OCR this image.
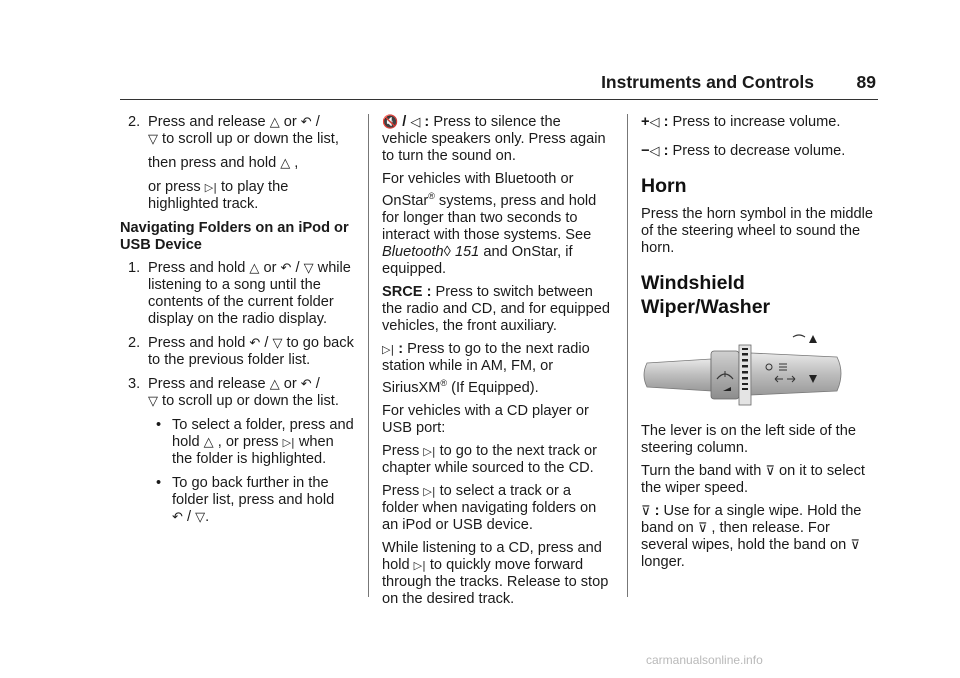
Instruments and Controls 89
2. Press and release △ or ↶ /
▽ to scroll up or down the list,
then press and hold △ ,
or press ▷| to play the highlighted track.

Navigating Folders on an iPod or USB Device

1. Press and hold △ or ↶ / ▽ while listening to a song until the contents of the current folder display on the radio display.
2. Press and hold ↶ / ▽ to go back to the previous folder list.
3. Press and release △ or ↶ /
▽ to scroll up or down the list.
• To select a folder, press and hold △ , or press ▷| when the folder is highlighted.
• To go back further in the folder list, press and hold
↶ / ▽.

🔇 / ◁ : Press to silence the vehicle speakers only. Press again to turn the sound on.

For vehicles with Bluetooth or OnStar® systems, press and hold for longer than two seconds to interact with those systems. See Bluetooth◊ 151 and OnStar, if equipped.

SRCE : Press to switch between the radio and CD, and for equipped vehicles, the front auxiliary.

▷| : Press to go to the next radio station while in AM, FM, or SiriusXM® (If Equipped).

For vehicles with a CD player or USB port:

Press ▷| to go to the next track or chapter while sourced to the CD.

Press ▷| to select a track or a folder when navigating folders on an iPod or USB device.

While listening to a CD, press and hold ▷| to quickly move forward through the tracks. Release to stop on the desired track.

+◁ : Press to increase volume.

−◁ : Press to decrease volume.

Horn

Press the horn symbol in the middle of the steering wheel to sound the horn.

Windshield Wiper/Washer

The lever is on the left side of the steering column.

Turn the band with ⊽ on it to select the wiper speed.

⊽ : Use for a single wipe. Hold the band on ⊽ , then release. For several wipes, hold the band on ⊽ longer.

carmanualsonline.info
